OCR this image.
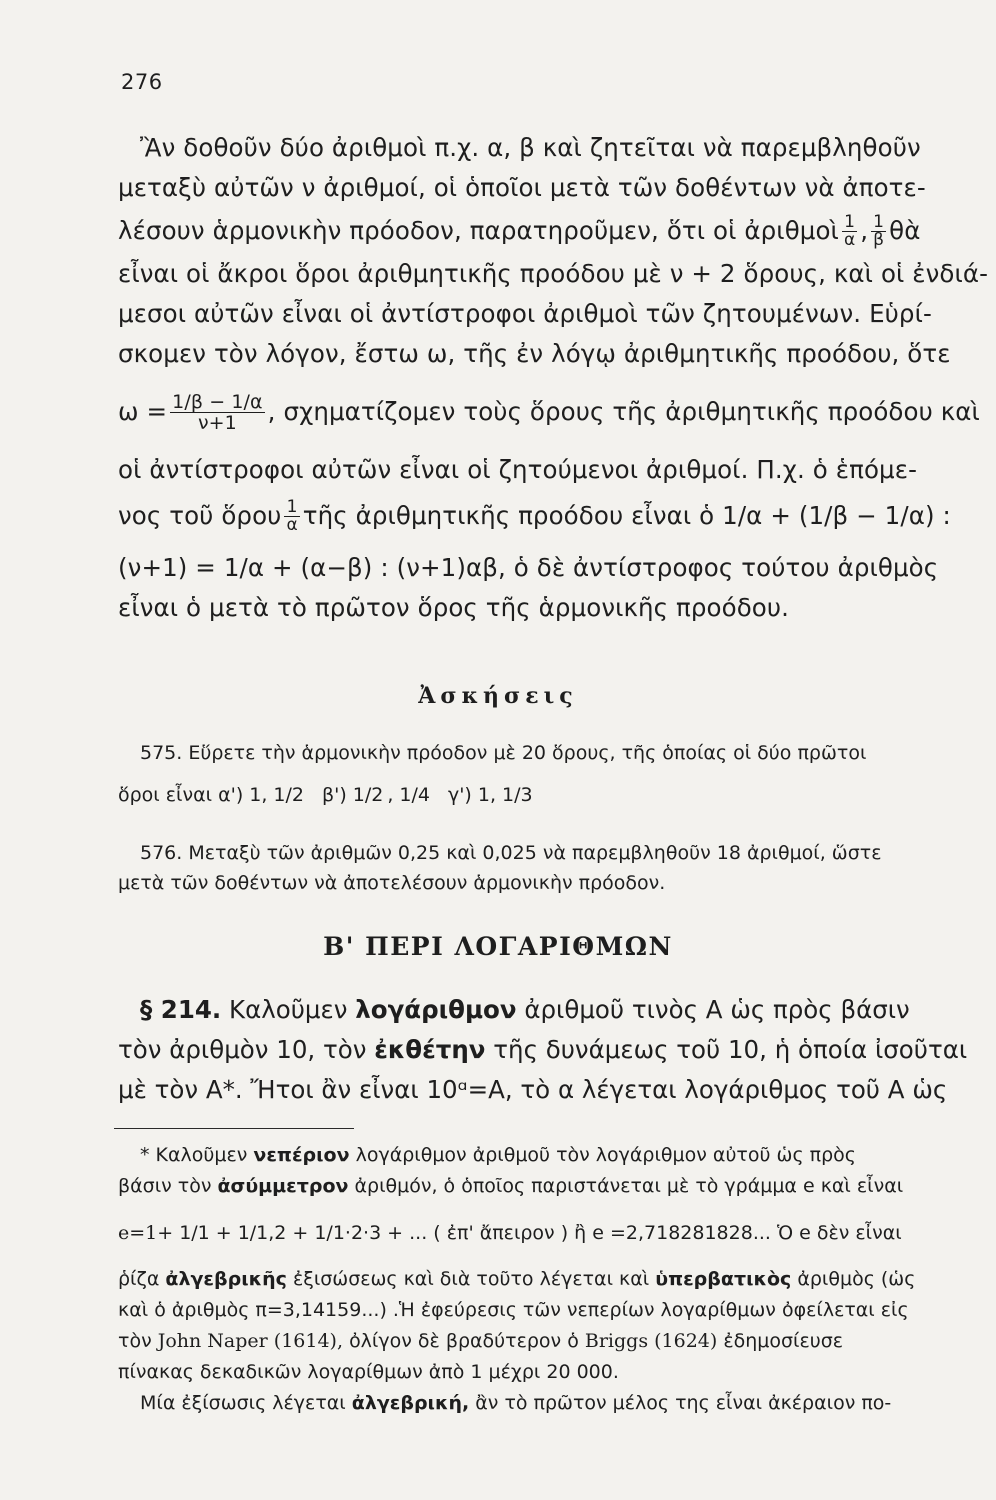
276
Ἂν δοθοῦν δύο ἀριθμοὶ π.χ. α, β καὶ ζητεῖται νὰ παρεμβληθοῦν
μεταξὺ αὐτῶν ν ἀριθμοί, οἱ ὁποῖοι μετὰ τῶν δοθέντων νὰ ἀποτε-
λέσουν ἁρμονικὴν πρόοδον, παρατηροῦμεν, ὅτι οἱ ἀριθμοὶ $\frac{1}{\alpha}$ , $\frac{1}{\beta}$ θὰ
εἶναι οἱ ἄκροι ὅροι ἀριθμητικῆς προόδου μὲ ν + 2 ὅρους, καὶ οἱ ἐνδιά-
μεσοι αὐτῶν εἶναι οἱ ἀντίστροφοι ἀριθμοὶ τῶν ζητουμένων. Εὑρί-
σκομεν τὸν λόγον, ἔστω ω, τῆς ἐν λόγῳ ἀριθμητικῆς προόδου, ὅτε
$\omega = \frac{1/\beta - 1/\alpha}{\nu+1}$ , σχηματίζομεν τοὺς ὅρους τῆς ἀριθμητικῆς προόδου καὶ
οἱ ἀντίστροφοι αὐτῶν εἶναι οἱ ζητούμενοι ἀριθμοί. Π.χ. ὁ ἑπόμε-
νος τοῦ ὅρου $\frac{1}{\alpha}$ τῆς ἀριθμητικῆς προόδου εἶναι ὁ
1/α + (1/β − 1/α) :
(ν+1) = 1/α + (α−β) : (ν+1)αβ, ὁ δὲ ἀντίστροφος τούτου ἀριθμὸς
εἶναι ὁ μετὰ τὸ πρῶτον ὅρος τῆς ἁρμονικῆς προόδου.
Ἀσκήσεις
575. Εὕρετε τὴν ἁρμονικὴν πρόοδον μὲ 20 ὅρους, τῆς ὁποίας οἱ δύο πρῶτοι
ὅροι εἶναι α') 1, 1/2 β') 1/2 , 1/4 γ') 1, 1/3
576. Μεταξὺ τῶν ἀριθμῶν 0,25 καὶ 0,025 νὰ παρεμβληθοῦν 18 ἀριθμοί, ὥστε
μετὰ τῶν δοθέντων νὰ ἀποτελέσουν ἁρμονικὴν πρόοδον.
Β' ΠΕΡΙ ΛΟΓΑΡΙΘΜΩΝ
§ 214. Καλοῦμεν λογάριθμον ἀριθμοῦ τινὸς Α ὡς πρὸς βάσιν
τὸν ἀριθμὸν 10, τὸν ἐκθέτην τῆς δυνάμεως τοῦ 10, ἡ ὁποία ἰσοῦται
μὲ τὸν Α*. Ἤτοι ἂν εἶναι 10ᵅ=Α, τὸ α λέγεται λογάριθμος τοῦ Α ὡς
* Καλοῦμεν νεπέριον λογάριθμον ἀριθμοῦ τὸν λογάριθμον αὐτοῦ ὡς πρὸς
βάσιν τὸν ἀσύμμετρον ἀριθμόν, ὁ ὁποῖος παριστάνεται μὲ τὸ γράμμα e καὶ εἶναι
e=1+ 1/1 + 1/1,2 + 1/1·2·3 + ... ( ἐπ' ἄπειρον ) ἢ e =2,718281828... Ὁ e δὲν εἶναι
ῥίζα ἀλγεβρικῆς ἐξισώσεως καὶ διὰ τοῦτο λέγεται καὶ ὑπερβατικὸς ἀριθμὸς (ὡς
καὶ ὁ ἀριθμὸς π=3,14159...) .Ἡ ἐφεύρεσις τῶν νεπερίων λογαρίθμων ὀφείλεται εἰς
τὸν John Naper (1614), ὀλίγον δὲ βραδύτερον ὁ Briggs (1624) ἐδημοσίευσε
πίνακας δεκαδικῶν λογαρίθμων ἀπὸ 1 μέχρι 20 000.
Μία ἐξίσωσις λέγεται ἀλγεβρική, ἂν τὸ πρῶτον μέλος της εἶναι ἀκέραιον πο-
